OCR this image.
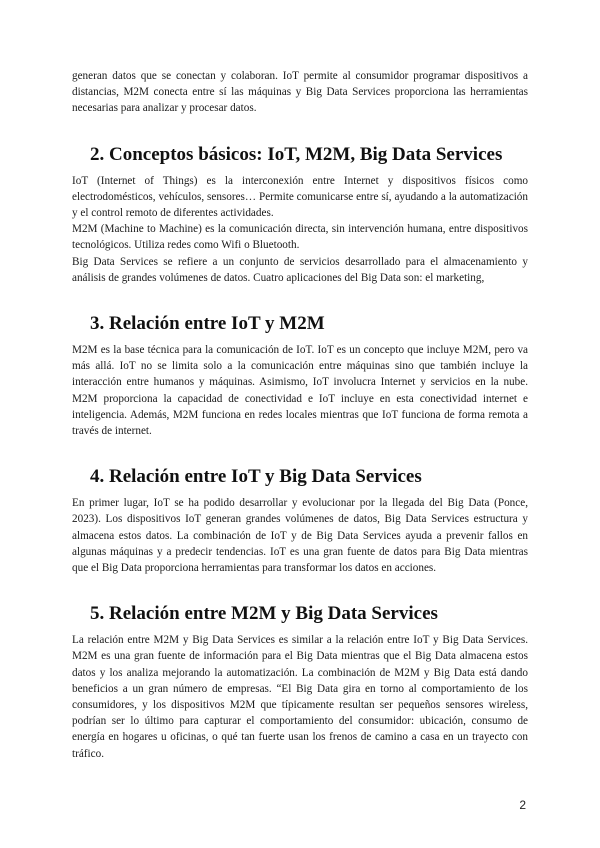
generan datos que se conectan y colaboran. IoT permite al consumidor programar dispositivos a distancias, M2M conecta entre sí las máquinas y Big Data Services proporciona las herramientas necesarias para analizar y procesar datos.

2. Conceptos básicos: IoT, M2M, Big Data Services

IoT (Internet of Things) es la interconexión entre Internet y dispositivos físicos como electrodomésticos, vehículos, sensores… Permite comunicarse entre sí, ayudando a la automatización y el control remoto de diferentes actividades.

M2M (Machine to Machine) es la comunicación directa, sin intervención humana, entre dispositivos tecnológicos. Utiliza redes como Wifi o Bluetooth.

Big Data Services se refiere a un conjunto de servicios desarrollado para el almacenamiento y análisis de grandes volúmenes de datos. Cuatro aplicaciones del Big Data son: el marketing,

3. Relación entre IoT y M2M

M2M es la base técnica para la comunicación de IoT. IoT es un concepto que incluye M2M, pero va más allá. IoT no se limita solo a la comunicación entre máquinas sino que también incluye la interacción entre humanos y máquinas. Asimismo, IoT involucra Internet y servicios en la nube. M2M proporciona la capacidad de conectividad e IoT incluye en esta conectividad internet e inteligencia. Además, M2M funciona en redes locales mientras que IoT funciona de forma remota a través de internet.

4. Relación entre IoT y Big Data Services

En primer lugar, IoT se ha podido desarrollar y evolucionar por la llegada del Big Data (Ponce, 2023). Los dispositivos IoT generan grandes volúmenes de datos, Big Data Services estructura y almacena estos datos. La combinación de IoT y de Big Data Services ayuda a prevenir fallos en algunas máquinas y a predecir tendencias. IoT es una gran fuente de datos para Big Data mientras que el Big Data proporciona herramientas para transformar los datos en acciones.

5. Relación entre M2M y Big Data Services

La relación entre M2M y Big Data Services es similar a la relación entre IoT y Big Data Services. M2M es una gran fuente de información para el Big Data mientras que el Big Data almacena estos datos y los analiza mejorando la automatización. La combinación de M2M y Big Data está dando beneficios a un gran número de empresas. “El Big Data gira en torno al comportamiento de los consumidores, y los dispositivos M2M que típicamente resultan ser pequeños sensores wireless, podrían ser lo último para capturar el comportamiento del consumidor: ubicación, consumo de energía en hogares u oficinas, o qué tan fuerte usan los frenos de camino a casa en un trayecto con tráfico.

2
